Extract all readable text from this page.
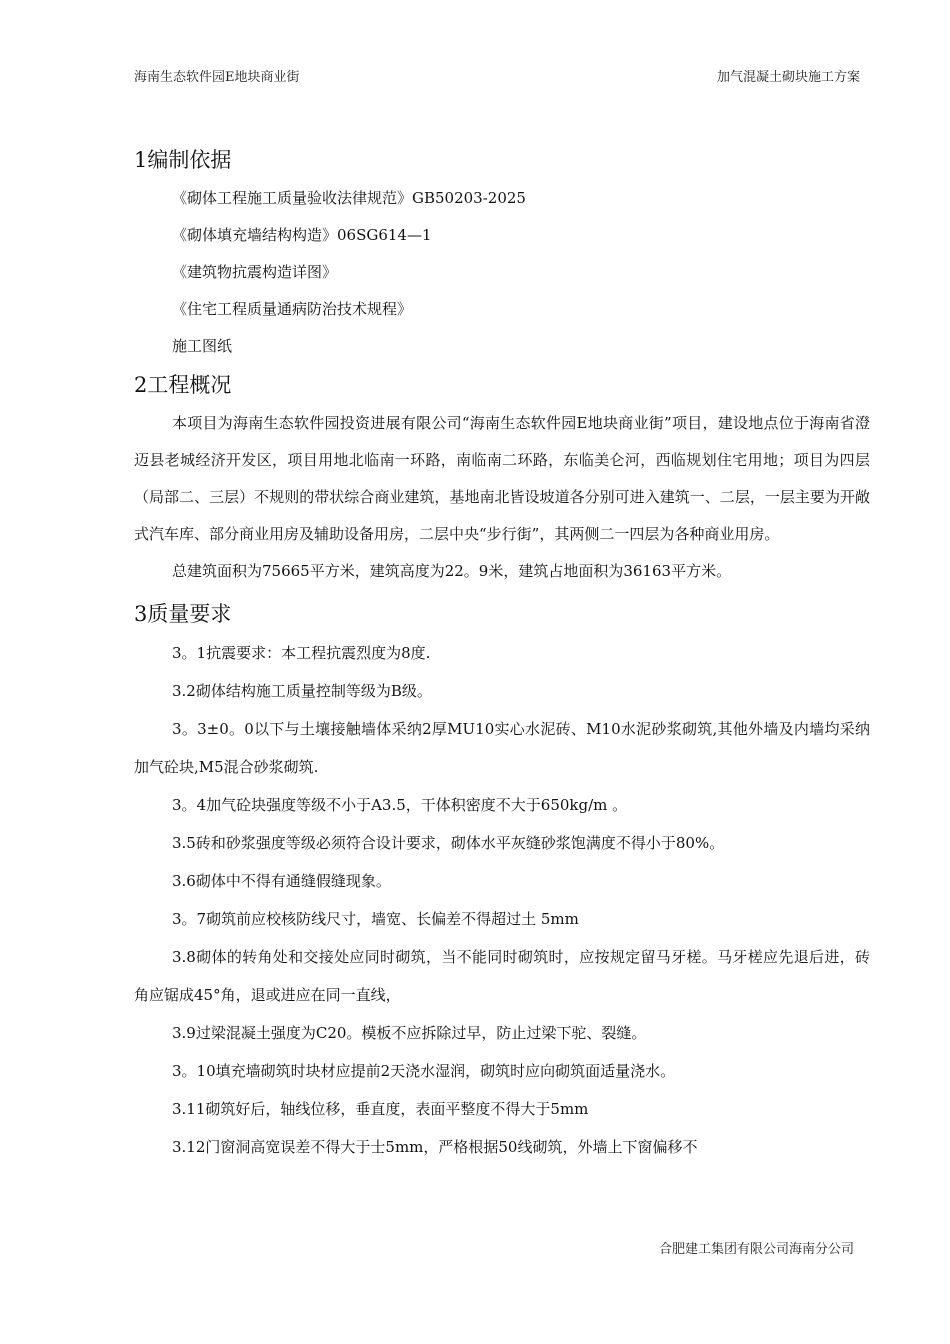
海南生态软件园E地块商业街	加气混凝土砌块施工方案
1编制依据

《砌体工程施工质量验收法律规范》GB50203-2025

《砌体填充墙结构构造》06SG614—1

《建筑物抗震构造详图》

《住宅工程质量通病防治技术规程》

施工图纸

2工程概况

本项目为海南生态软件园投资进展有限公司“海南生态软件园E地块商业街”项目，建设地点位于海南省澄迈县老城经济开发区，项目用地北临南一环路，南临南二环路，东临美仑河，西临规划住宅用地；项目为四层（局部二、三层）不规则的带状综合商业建筑，基地南北皆设坡道各分别可进入建筑一、二层，一层主要为开敞式汽车库、部分商业用房及辅助设备用房，二层中央“步行街”，其两侧二一四层为各种商业用房。

总建筑面积为75665平方米，建筑高度为22。9米，建筑占地面积为36163平方米。

3质量要求

3。1抗震要求：本工程抗震烈度为8度.

3.2砌体结构施工质量控制等级为B级。

3。3±0。0以下与土壤接触墙体采纳2厚MU10实心水泥砖、M10水泥砂浆砌筑,其他外墙及内墙均采纳加气砼块,M5混合砂浆砌筑.

3。4加气砼块强度等级不小于A3.5，干体积密度不大于650kg/m 。

3.5砖和砂浆强度等级必须符合设计要求，砌体水平灰缝砂浆饱满度不得小于80%。

3.6砌体中不得有通缝假缝现象。

3。7砌筑前应校核防线尺寸，墙宽、长偏差不得超过土 5mm

3.8砌体的转角处和交接处应同时砌筑，当不能同时砌筑时，应按规定留马牙槎。马牙槎应先退后进，砖角应锯成45°角，退或进应在同一直线，

3.9过梁混凝土强度为C20。模板不应拆除过早，防止过梁下驼、裂缝。

3。10填充墙砌筑时块材应提前2天浇水湿润，砌筑时应向砌筑面适量浇水。

3.11砌筑好后，轴线位移，垂直度，表面平整度不得大于5mm

3.12门窗洞高宽误差不得大于士5mm，严格根据50线砌筑，外墙上下窗偏移不

合肥建工集团有限公司海南分公司
